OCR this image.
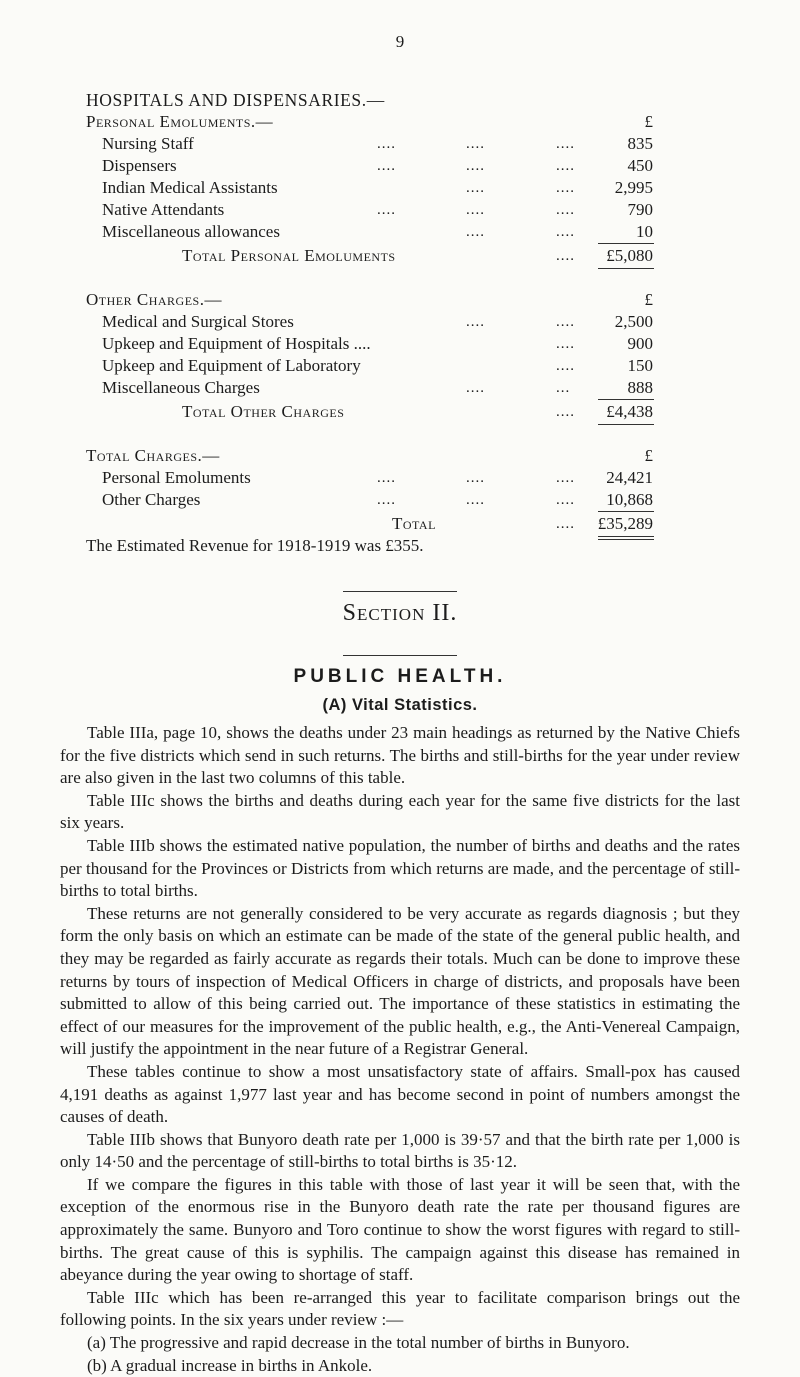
9
HOSPITALS AND DISPENSARIES.—
Personal Emoluments.—	£
Nursing Staff	....	....	....	835
Dispensers	....	....	....	450
Indian Medical Assistants	....	.... 2,995
Native Attendants	....	....	....	790
Miscellaneous allowances	....	....	10
Total Personal Emoluments	.... £5,080
Other Charges.—	£
Medical and Surgical Stores	....	.... 2,500
Upkeep and Equipment of Hospitals ....	....	900
Upkeep and Equipment of Laboratory	....	150
Miscellaneous Charges	....	...	888
Total Other Charges	.... £4,438
Total Charges.—	£
Personal Emoluments	....	....	.... 24,421
Other Charges	....	....	.... 10,868
Total	.... £35,289
The Estimated Revenue for 1918-1919 was £355.
Section II.
PUBLIC HEALTH.
(A) Vital Statistics.

Table IIIa, page 10, shows the deaths under 23 main headings as returned by the Native Chiefs for the five districts which send in such returns. The births and still-births for the year under review are also given in the last two columns of this table.

Table IIIc shows the births and deaths during each year for the same five districts for the last six years.

Table IIIb shows the estimated native population, the number of births and deaths and the rates per thousand for the Provinces or Districts from which returns are made, and the percentage of still-births to total births.

These returns are not generally considered to be very accurate as regards diagnosis ; but they form the only basis on which an estimate can be made of the state of the general public health, and they may be regarded as fairly accurate as regards their totals. Much can be done to improve these returns by tours of inspection of Medical Officers in charge of districts, and proposals have been submitted to allow of this being carried out. The importance of these statistics in estimating the effect of our measures for the improvement of the public health, e.g., the Anti-Venereal Campaign, will justify the appointment in the near future of a Registrar General.

These tables continue to show a most unsatisfactory state of affairs. Small-pox has caused 4,191 deaths as against 1,977 last year and has become second in point of numbers amongst the causes of death.

Table IIIb shows that Bunyoro death rate per 1,000 is 39·57 and that the birth rate per 1,000 is only 14·50 and the percentage of still-births to total births is 35·12.

If we compare the figures in this table with those of last year it will be seen that, with the exception of the enormous rise in the Bunyoro death rate the rate per thousand figures are approximately the same. Bunyoro and Toro continue to show the worst figures with regard to still-births. The great cause of this is syphilis. The campaign against this disease has remained in abeyance during the year owing to shortage of staff.

Table IIIc which has been re-arranged this year to facilitate comparison brings out the following points. In the six years under review :—

(a) The progressive and rapid decrease in the total number of births in Bunyoro.

(b) A gradual increase in births in Ankole.
